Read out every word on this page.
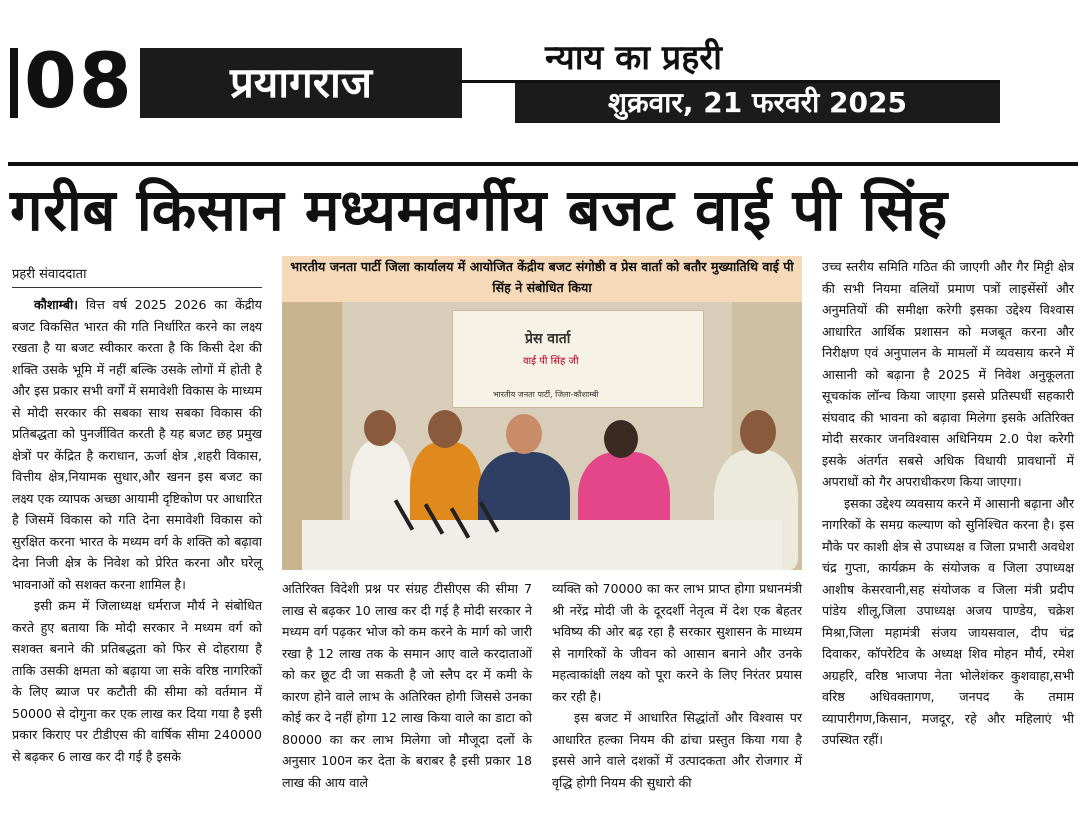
08	प्रयागराज	न्याय का प्रहरी
शुक्रवार, 21 फरवरी 2025
गरीब किसान मध्यमवर्गीय बजट वाई पी सिंह
प्रहरी संवाददाता

कौशाम्बी। वित्त वर्ष 2025 2026 का केंद्रीय बजट विकसित भारत की गति निर्धारित करने का लक्ष्य रखता है या बजट स्वीकार करता है कि किसी देश की शक्ति उसके भूमि में नहीं बल्कि उसके लोगों में होती है और इस प्रकार सभी वर्गों में समावेशी विकास के माध्यम से मोदी सरकार की सबका साथ सबका विकास की प्रतिबद्धता को पुनर्जीवित करती है यह बजट छह प्रमुख क्षेत्रों पर केंद्रित है कराधान, ऊर्जा क्षेत्र ,शहरी विकास, वित्तीय क्षेत्र,नियामक सुधार,और खनन इस बजट का लक्ष्य एक व्यापक अच्छा आयामी दृष्टिकोण पर आधारित है जिसमें विकास को गति देना समावेशी विकास को सुरक्षित करना भारत के मध्यम वर्ग के शक्ति को बढ़ावा देना निजी क्षेत्र के निवेश को प्रेरित करना और घरेलू भावनाओं को सशक्त करना शामिल है।

इसी क्रम में जिलाध्यक्ष धर्मराज मौर्य ने संबोधित करते हुए बताया कि मोदी सरकार ने मध्यम वर्ग को सशक्त बनाने की प्रतिबद्धता को फिर से दोहराया है ताकि उसकी क्षमता को बढ़ाया जा सके वरिष्ठ नागरिकों के लिए ब्याज पर कटौती की सीमा को वर्तमान में 50000 से दोगुना कर एक लाख कर दिया गया है इसी प्रकार किराए पर टीडीएस की वार्षिक सीमा 240000 से बढ़कर 6 लाख कर दी गई है इसके

भारतीय जनता पार्टी जिला कार्यालय में आयोजित केंद्रीय बजट संगोष्ठी व प्रेस वार्ता को बतौर मुख्यातिथि वाई पी सिंह ने संबोधित किया
प्रेस वार्ता
वाई पी सिंह जी
भारतीय जनता पार्टी, जिला-कौशाम्बी

अतिरिक्त विदेशी प्रश्न पर संग्रह टीसीएस की सीमा 7 लाख से बढ़कर 10 लाख कर दी गई है मोदी सरकार ने मध्यम वर्ग पढ़कर भोज को कम करने के मार्ग को जारी रखा है 12 लाख तक के समान आए वाले करदाताओं को कर छूट दी जा सकती है जो स्लैप दर में कमी के कारण होने वाले लाभ के अतिरिक्त होगी जिससे उनका कोई कर दे नहीं होगा 12 लाख किया वाले का डाटा को 80000 का कर लाभ मिलेगा जो मौजूदा दलों के अनुसार 100न कर देता के बराबर है इसी प्रकार 18 लाख की आय वाले

व्यक्ति को 70000 का कर लाभ प्राप्त होगा प्रधानमंत्री श्री नरेंद्र मोदी जी के दूरदर्शी नेतृत्व में देश एक बेहतर भविष्य की ओर बढ़ रहा है सरकार सुशासन के माध्यम से नागरिकों के जीवन को आसान बनाने और उनके महत्वाकांक्षी लक्ष्य को पूरा करने के लिए निरंतर प्रयास कर रही है।

इस बजट में आधारित सिद्धांतों और विश्वास पर आधारित हल्का नियम की ढांचा प्रस्तुत किया गया है इससे आने वाले दशकों में उत्पादकता और रोजगार में वृद्धि होगी नियम की सुधारो की

उच्च स्तरीय समिति गठित की जाएगी और गैर मिट्टी क्षेत्र की सभी नियमा वलियों प्रमाण पत्रों लाइसेंसों और अनुमतियों की समीक्षा करेगी इसका उद्देश्य विश्वास आधारित आर्थिक प्रशासन को मजबूत करना और निरीक्षण एवं अनुपालन के मामलों में व्यवसाय करने में आसानी को बढ़ाना है 2025 में निवेश अनुकूलता सूचकांक लॉन्च किया जाएगा इससे प्रतिस्पर्धी सहकारी संघवाद की भावना को बढ़ावा मिलेगा इसके अतिरिक्त मोदी सरकार जनविश्वास अधिनियम 2.0 पेश करेगी इसके अंतर्गत सबसे अधिक विधायी प्रावधानों में अपराधों को गैर अपराधीकरण किया जाएगा।

इसका उद्देश्य व्यवसाय करने में आसानी बढ़ाना और नागरिकों के समग्र कल्याण को सुनिश्चित करना है। इस मौके पर काशी क्षेत्र से उपाध्यक्ष व जिला प्रभारी अवधेश चंद्र गुप्ता, कार्यक्रम के संयोजक व जिला उपाध्यक्ष आशीष केसरवानी,सह संयोजक व जिला मंत्री प्रदीप पांडेय शीलू,जिला उपाध्यक्ष अजय पाण्डेय, चक्रेश मिश्रा,जिला महामंत्री संजय जायसवाल, दीप चंद्र दिवाकर, कॉपरेटिव के अध्यक्ष शिव मोहन मौर्य, रमेश अग्रहरि, वरिष्ठ भाजपा नेता भोलेशंकर कुशवाहा,सभी वरिष्ठ अधिवक्तागण, जनपद के तमाम व्यापारीगण,किसान, मजदूर, रहे और महिलाएं भी उपस्थित रहीं।
